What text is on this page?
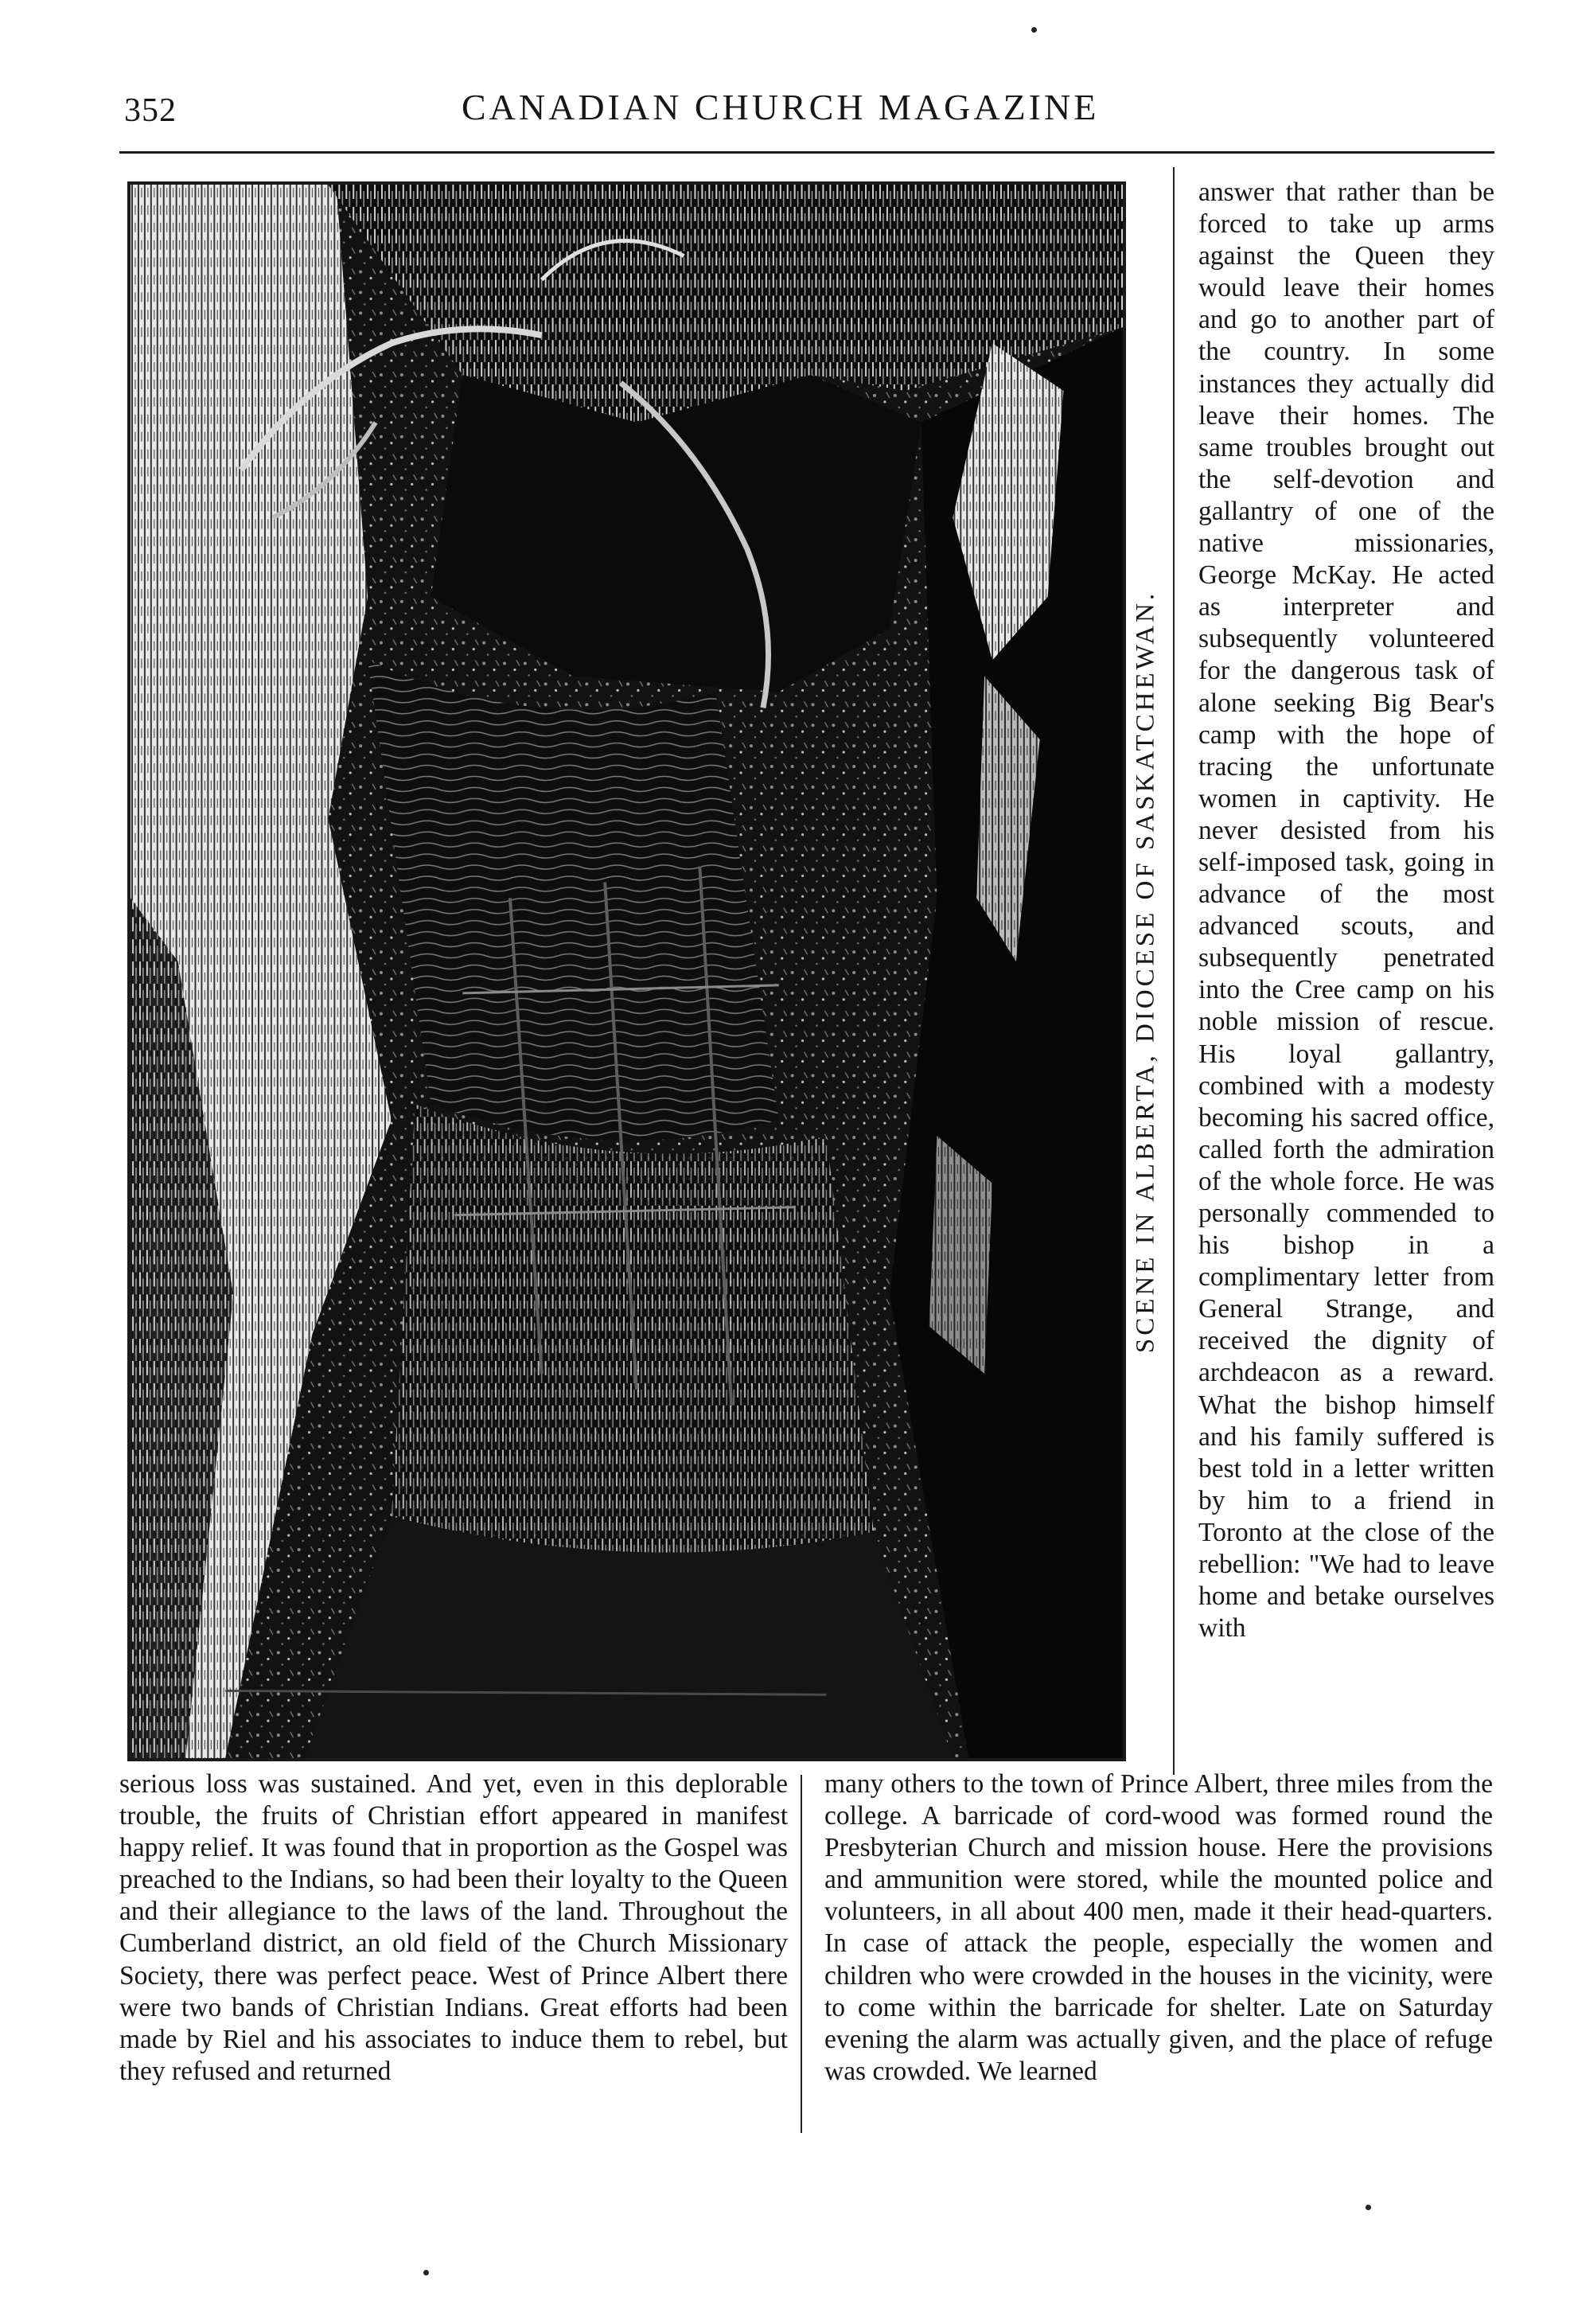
352	CANADIAN CHURCH MAGAZINE
SCENE IN ALBERTA, DIOCESE OF SASKATCHEWAN.
answer that rather than be forced to take up arms against the Queen they would leave their homes and go to another part of the country. In some instances they actually did leave their homes. The same troubles brought out the self-devotion and gallantry of one of the native missionaries, George McKay. He acted as interpreter and subsequently volunteered for the dangerous task of alone seeking Big Bear's camp with the hope of tracing the unfortunate women in captivity. He never desisted from his self-imposed task, going in advance of the most advanced scouts, and subsequently penetrated into the Cree camp on his noble mission of rescue. His loyal gallantry, combined with a modesty becoming his sacred office, called forth the admiration of the whole force. He was personally commended to his bishop in a complimentary letter from General Strange, and received the dignity of archdeacon as a reward. What the bishop himself and his family suffered is best told in a letter written by him to a friend in Toronto at the close of the rebellion: "We had to leave home and betake ourselves with
serious loss was sustained. And yet, even in this deplorable trouble, the fruits of Christian effort appeared in manifest happy relief. It was found that in proportion as the Gospel was preached to the Indians, so had been their loyalty to the Queen and their allegiance to the laws of the land. Throughout the Cumberland district, an old field of the Church Missionary Society, there was perfect peace. West of Prince Albert there were two bands of Christian Indians. Great efforts had been made by Riel and his associates to induce them to rebel, but they refused and returned
many others to the town of Prince Albert, three miles from the college. A barricade of cord-wood was formed round the Presbyterian Church and mission house. Here the provisions and ammunition were stored, while the mounted police and volunteers, in all about 400 men, made it their head-quarters. In case of attack the people, especially the women and children who were crowded in the houses in the vicinity, were to come within the barricade for shelter. Late on Saturday evening the alarm was actually given, and the place of refuge was crowded. We learned
